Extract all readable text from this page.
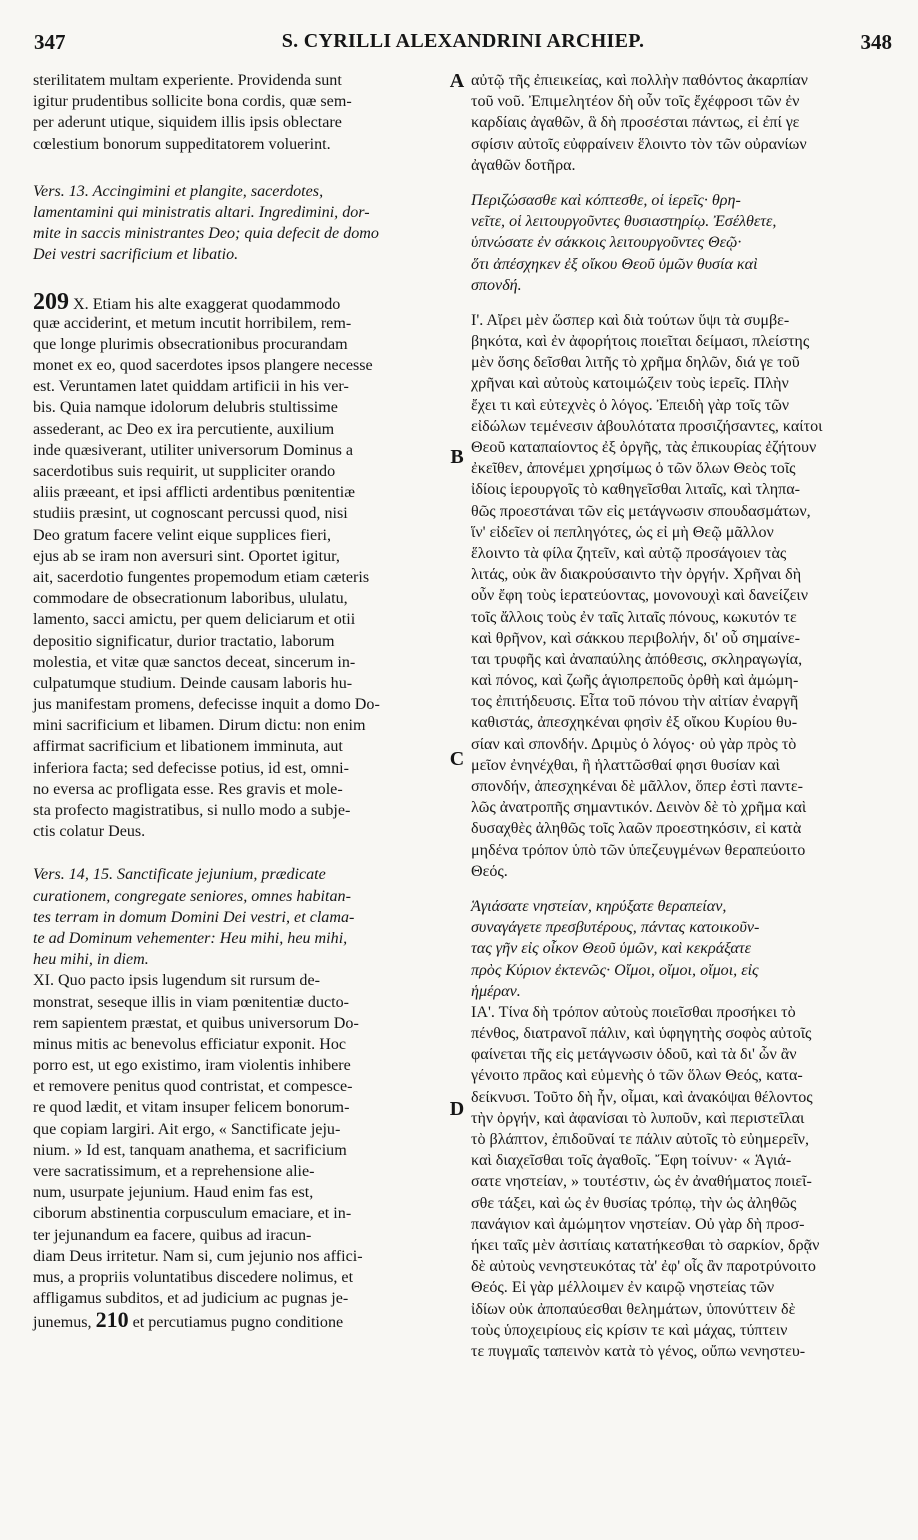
347	S. CYRILLI ALEXANDRINI ARCHIEP.	348
A
B
C
D
sterilitatem multam experiente. Providenda sunt
igitur prudentibus sollicite bona cordis, quæ sem-
per aderunt utique, siquidem illis ipsis oblectare
cœlestium bonorum suppeditatorem voluerint.
Vers. 13. Accingimini et plangite, sacerdotes,
lamentamini qui ministratis altari. Ingredimini, dor-
mite in saccis ministrantes Deo; quia defecit de domo
Dei vestri sacrificium et libatio.
209 X. Etiam his alte exaggerat quodammodo
quæ acciderint, et metum incutit horribilem, rem-
que longe plurimis obsecrationibus procurandam
monet ex eo, quod sacerdotes ipsos plangere necesse
est. Veruntamen latet quiddam artificii in his ver-
bis. Quia namque idolorum delubris stultissime
assederant, ac Deo ex ira percutiente, auxilium
inde quæsiverant, utiliter universorum Dominus a
sacerdotibus suis requirit, ut suppliciter orando
aliis præeant, et ipsi afflicti ardentibus pœnitentiæ
studiis præsint, ut cognoscant percussi quod, nisi
Deo gratum facere velint eique supplices fieri,
ejus ab se iram non aversuri sint. Oportet igitur,
ait, sacerdotio fungentes propemodum etiam cæteris
commodare de obsecrationum laboribus, ululatu,
lamento, sacci amictu, per quem deliciarum et otii
depositio significatur, durior tractatio, laborum
molestia, et vitæ quæ sanctos deceat, sincerum in-
culpatumque studium. Deinde causam laboris hu-
jus manifestam promens, defecisse inquit a domo Do-
mini sacrificium et libamen. Dirum dictu: non enim
affirmat sacrificium et libationem imminuta, aut
inferiora facta; sed defecisse potius, id est, omni-
no eversa ac profligata esse. Res gravis et mole-
sta profecto magistratibus, si nullo modo a subje-
ctis colatur Deus.
Vers. 14, 15. Sanctificate jejunium, prædicate
curationem, congregate seniores, omnes habitan-
tes terram in domum Domini Dei vestri, et clama-
te ad Dominum vehementer: Heu mihi, heu mihi,
heu mihi, in diem.
XI. Quo pacto ipsis lugendum sit rursum de-
monstrat, seseque illis in viam pœnitentiæ ducto-
rem sapientem præstat, et quibus universorum Do-
minus mitis ac benevolus efficiatur exponit. Hoc
porro est, ut ego existimo, iram violentis inhibere
et removere penitus quod contristat, et compesce-
re quod lædit, et vitam insuper felicem bonorum-
que copiam largiri. Ait ergo, « Sanctificate jeju-
nium. » Id est, tanquam anathema, et sacrificium
vere sacratissimum, et a reprehensione alie-
num, usurpate jejunium. Haud enim fas est,
ciborum abstinentia corpusculum emaciare, et in-
ter jejunandum ea facere, quibus ad iracun-
diam Deus irritetur. Nam si, cum jejunio nos affici-
mus, a propriis voluntatibus discedere nolimus, et
affligamus subditos, et ad judicium ac pugnas je-
junemus, 210 et percutiamus pugno conditione
αὐτῷ τῆς ἐπιεικείας, καὶ πολλὴν παθόντος ἀκαρπίαν
τοῦ νοῦ. Ἐπιμελητέον δὴ οὖν τοῖς ἔχέφροσι τῶν ἐν
καρδίαις ἀγαθῶν, ἃ δὴ προσέσται πάντως, εἰ ἐπί γε
σφίσιν αὐτοῖς εὐφραίνειν ἕλοιντο τὸν τῶν οὐρανίων
ἀγαθῶν δοτῆρα.
Περιζώσασθε καὶ κόπτεσθε, οἱ ἱερεῖς· θρη-
νεῖτε, οἱ λειτουργοῦντες θυσιαστηρίῳ. Ἐσέλθετε,
ὑπνώσατε ἐν σάκκοις λειτουργοῦντες Θεῷ·
ὅτι ἀπέσχηκεν ἐξ οἴκου Θεοῦ ὑμῶν θυσία καὶ
σπονδή.
Ι'. Αἴρει μὲν ὥσπερ καὶ διὰ τούτων ὕψι τὰ συμβε-
βηκότα, καὶ ἐν ἀφορήτοις ποιεῖται δείμασι, πλείστης
μὲν ὅσης δεῖσθαι λιτῆς τὸ χρῆμα δηλῶν, διά γε τοῦ
χρῆναι καὶ αὐτοὺς κατοιμώζειν τοὺς ἱερεῖς. Πλὴν
ἔχει τι καὶ εὐτεχνὲς ὁ λόγος. Ἐπειδὴ γὰρ τοῖς τῶν
εἰδώλων τεμένεσιν ἀβουλότατα προσιζήσαντες, καίτοι
Θεοῦ καταπαίοντος ἐξ ὀργῆς, τὰς ἐπικουρίας ἐζήτουν
ἐκεῖθεν, ἀπονέμει χρησίμως ὁ τῶν ὅλων Θεὸς τοῖς
ἰδίοις ἱερουργοῖς τὸ καθηγεῖσθαι λιταῖς, καὶ τληπα-
θῶς προεστάναι τῶν εἰς μετάγνωσιν σπουδασμάτων,
ἵν' εἰδεῖεν οἱ πεπληγότες, ὡς εἰ μὴ Θεῷ μᾶλλον
ἕλοιντο τὰ φίλα ζητεῖν, καὶ αὐτῷ προσάγοιεν τὰς
λιτάς, οὐκ ἂν διακρούσαιντο τὴν ὀργήν. Χρῆναι δὴ
οὖν ἔφη τοὺς ἱερατεύοντας, μονονουχὶ καὶ δανείζειν
τοῖς ἄλλοις τοὺς ἐν ταῖς λιταῖς πόνους, κωκυτόν τε
καὶ θρῆνον, καὶ σάκκου περιβολήν, δι' οὗ σημαίνε-
ται τρυφῆς καὶ ἀναπαύλης ἀπόθεσις, σκληραγωγία,
καὶ πόνος, καὶ ζωῆς ἁγιοπρεποῦς ὀρθὴ καὶ ἀμώμη-
τος ἐπιτήδευσις. Εἶτα τοῦ πόνου τὴν αἰτίαν ἐναργῆ
καθιστάς, ἀπεσχηκέναι φησὶν ἐξ οἴκου Κυρίου θυ-
σίαν καὶ σπονδήν. Δριμὺς ὁ λόγος· οὐ γὰρ πρὸς τὸ
μεῖον ἐνηνέχθαι, ἢ ἡλαττῶσθαί φησι θυσίαν καὶ
σπονδήν, ἀπεσχηκέναι δὲ μᾶλλον, ὅπερ ἐστὶ παντε-
λῶς ἀνατροπῆς σημαντικόν. Δεινὸν δὲ τὸ χρῆμα καὶ
δυσαχθὲς ἀληθῶς τοῖς λαῶν προεστηκόσιν, εἰ κατὰ
μηδένα τρόπον ὑπὸ τῶν ὑπεζευγμένων θεραπεύοιτο
Θεός.
Ἁγιάσατε νηστείαν, κηρύξατε θεραπείαν,
συναγάγετε πρεσβυτέρους, πάντας κατοικοῦν-
τας γῆν εἰς οἶκον Θεοῦ ὑμῶν, καὶ κεκράξατε
πρὸς Κύριον ἐκτενῶς· Οἴμοι, οἴμοι, οἴμοι, εἰς
ἡμέραν.
ΙΑ'. Τίνα δὴ τρόπον αὐτοὺς ποιεῖσθαι προσήκει τὸ
πένθος, διατρανοῖ πάλιν, καὶ ὑφηγητὴς σοφὸς αὐτοῖς
φαίνεται τῆς εἰς μετάγνωσιν ὁδοῦ, καὶ τὰ δι' ὧν ἂν
γένοιτο πρᾶος καὶ εὐμενὴς ὁ τῶν ὅλων Θεός, κατα-
δείκνυσι. Τοῦτο δὴ ἦν, οἶμαι, καὶ ἀνακόψαι θέλοντος
τὴν ὀργήν, καὶ ἀφανίσαι τὸ λυποῦν, καὶ περιστεῖλαι
τὸ βλάπτον, ἐπιδοῦναί τε πάλιν αὐτοῖς τὸ εὐημερεῖν,
καὶ διαχεῖσθαι τοῖς ἀγαθοῖς. Ἔφη τοίνυν· « Ἁγιά-
σατε νηστείαν, » τουτέστιν, ὡς ἐν ἀναθήματος ποιεῖ-
σθε τάξει, καὶ ὡς ἐν θυσίας τρόπῳ, τὴν ὡς ἀληθῶς
πανάγιον καὶ ἀμώμητον νηστείαν. Οὐ γὰρ δὴ προσ-
ήκει ταῖς μὲν ἀσιτίαις κατατήκεσθαι τὸ σαρκίον, δρᾷν
δὲ αὐτοὺς νενηστευκότας τὰ' ἐφ' οἷς ἂν παροτρύνοιτο
Θεός. Εἰ γὰρ μέλλοιμεν ἐν καιρῷ νηστείας τῶν
ἰδίων οὐκ ἀποπαύεσθαι θελημάτων, ὑπονύττειν δὲ
τοὺς ὑποχειρίους εἰς κρίσιν τε καὶ μάχας, τύπτειν
τε πυγμαῖς ταπεινὸν κατὰ τὸ γένος, οὔπω νενηστευ-
